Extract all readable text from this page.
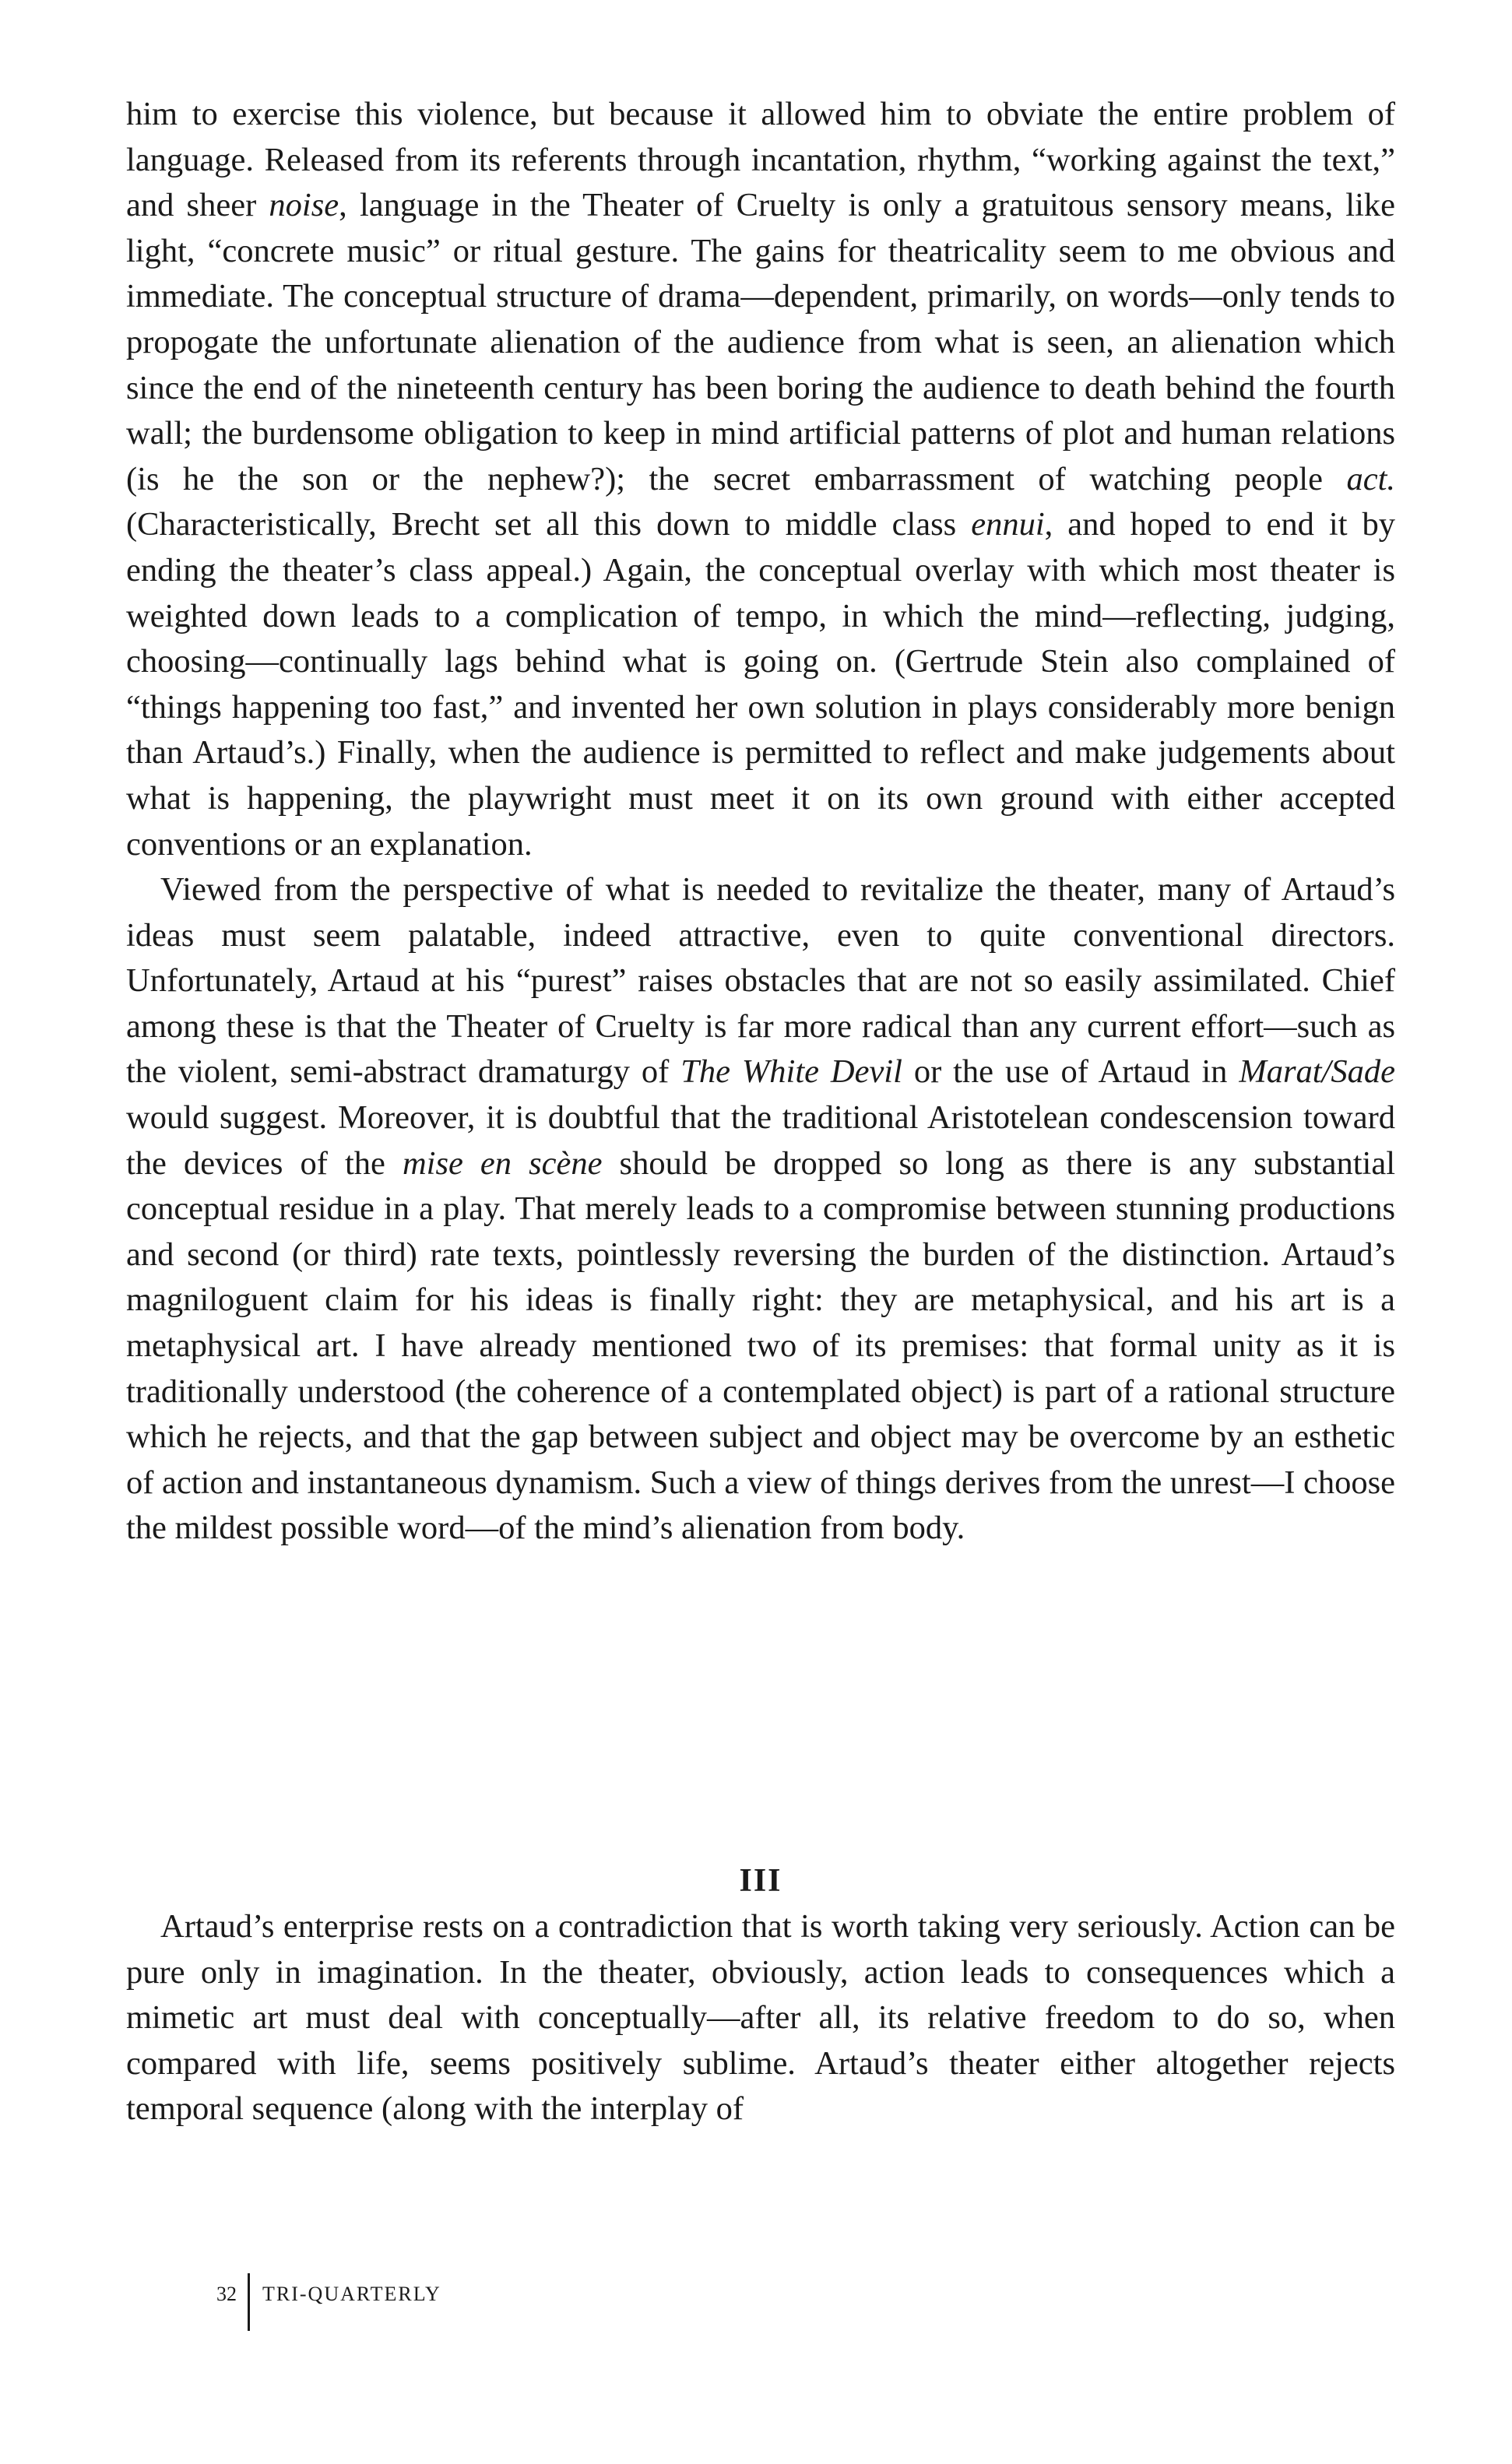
him to exercise this violence, but because it allowed him to obviate the entire problem of language. Released from its referents through incantation, rhythm, “working against the text,” and sheer noise, language in the Theater of Cruelty is only a gratuitous sensory means, like light, “concrete music” or ritual gesture. The gains for theatricality seem to me obvious and immediate. The conceptual structure of drama—dependent, primarily, on words—only tends to propogate the unfortunate alienation of the audience from what is seen, an alienation which since the end of the nineteenth century has been boring the audience to death behind the fourth wall; the burdensome obligation to keep in mind artificial patterns of plot and human relations (is he the son or the nephew?); the secret embarrassment of watching people act. (Characteristically, Brecht set all this down to middle class ennui, and hoped to end it by ending the theater’s class appeal.) Again, the conceptual overlay with which most theater is weighted down leads to a complication of tempo, in which the mind—reflecting, judging, choosing—continually lags behind what is going on. (Gertrude Stein also complained of “things happening too fast,” and invented her own solution in plays considerably more benign than Artaud’s.) Finally, when the audience is permitted to reflect and make judgements about what is happening, the playwright must meet it on its own ground with either accepted conventions or an explanation.

Viewed from the perspective of what is needed to revitalize the theater, many of Artaud’s ideas must seem palatable, indeed attractive, even to quite conventional directors. Unfortunately, Artaud at his “purest” raises obstacles that are not so easily assimilated. Chief among these is that the Theater of Cruelty is far more radical than any current effort—such as the violent, semi-abstract dramaturgy of The White Devil or the use of Artaud in Marat/Sade would suggest. Moreover, it is doubtful that the traditional Aristotelean condescension toward the devices of the mise en scène should be dropped so long as there is any substantial conceptual residue in a play. That merely leads to a compromise between stunning productions and second (or third) rate texts, pointlessly reversing the burden of the distinction. Artaud’s magniloguent claim for his ideas is finally right: they are metaphysical, and his art is a metaphysical art. I have already mentioned two of its premises: that formal unity as it is traditionally understood (the coherence of a contemplated object) is part of a rational structure which he rejects, and that the gap between subject and object may be overcome by an esthetic of action and instantaneous dynamism. Such a view of things derives from the unrest—I choose the mildest possible word—of the mind’s alienation from body.

III

Artaud’s enterprise rests on a contradiction that is worth taking very seriously. Action can be pure only in imagination. In the theater, obviously, action leads to consequences which a mimetic art must deal with conceptually—after all, its relative freedom to do so, when compared with life, seems positively sublime. Artaud’s theater either altogether rejects temporal sequence (along with the interplay of

32	TRI-QUARTERLY
